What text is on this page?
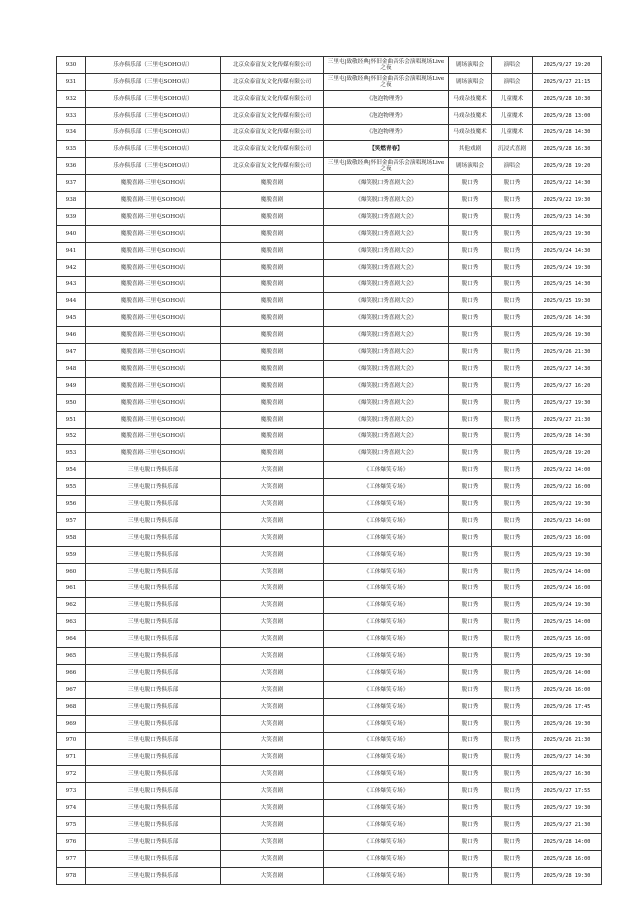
930	乐亦俱乐部（三里屯SOHO店）	北京众泰富友文化传媒有限公司	三里屯|致敬经典|怀旧金曲音乐会演唱现场Live之夜	剧场演唱会	演唱会	2025/9/27 19:20
931	乐亦俱乐部（三里屯SOHO店）	北京众泰富友文化传媒有限公司	三里屯|致敬经典|怀旧金曲音乐会演唱现场Live之夜	剧场演唱会	演唱会	2025/9/27 21:15
932	乐亦俱乐部（三里屯SOHO店）	北京众泰富友文化传媒有限公司	《泡泡物理秀》	马戏杂技魔术	儿童魔术	2025/9/28 10:30
933	乐亦俱乐部（三里屯SOHO店）	北京众泰富友文化传媒有限公司	《泡泡物理秀》	马戏杂技魔术	儿童魔术	2025/9/28 13:00
934	乐亦俱乐部（三里屯SOHO店）	北京众泰富友文化传媒有限公司	《泡泡物理秀》	马戏杂技魔术	儿童魔术	2025/9/28 14:30
935	乐亦俱乐部（三里屯SOHO店）	北京众泰富友文化传媒有限公司	【笑燃青春】	其他戏剧	沉浸式喜剧	2025/9/28 16:30
936	乐亦俱乐部（三里屯SOHO店）	北京众泰富友文化传媒有限公司	三里屯|致敬经典|怀旧金曲音乐会演唱现场Live之夜	剧场演唱会	演唱会	2025/9/28 19:20
937	魔脱喜剧-三里屯SOHO店	魔脱喜剧	《爆笑脱口秀喜剧大会》	脱口秀	脱口秀	2025/9/22 14:30
938	魔脱喜剧-三里屯SOHO店	魔脱喜剧	《爆笑脱口秀喜剧大会》	脱口秀	脱口秀	2025/9/22 19:30
939	魔脱喜剧-三里屯SOHO店	魔脱喜剧	《爆笑脱口秀喜剧大会》	脱口秀	脱口秀	2025/9/23 14:30
940	魔脱喜剧-三里屯SOHO店	魔脱喜剧	《爆笑脱口秀喜剧大会》	脱口秀	脱口秀	2025/9/23 19:30
941	魔脱喜剧-三里屯SOHO店	魔脱喜剧	《爆笑脱口秀喜剧大会》	脱口秀	脱口秀	2025/9/24 14:30
942	魔脱喜剧-三里屯SOHO店	魔脱喜剧	《爆笑脱口秀喜剧大会》	脱口秀	脱口秀	2025/9/24 19:30
943	魔脱喜剧-三里屯SOHO店	魔脱喜剧	《爆笑脱口秀喜剧大会》	脱口秀	脱口秀	2025/9/25 14:30
944	魔脱喜剧-三里屯SOHO店	魔脱喜剧	《爆笑脱口秀喜剧大会》	脱口秀	脱口秀	2025/9/25 19:30
945	魔脱喜剧-三里屯SOHO店	魔脱喜剧	《爆笑脱口秀喜剧大会》	脱口秀	脱口秀	2025/9/26 14:30
946	魔脱喜剧-三里屯SOHO店	魔脱喜剧	《爆笑脱口秀喜剧大会》	脱口秀	脱口秀	2025/9/26 19:30
947	魔脱喜剧-三里屯SOHO店	魔脱喜剧	《爆笑脱口秀喜剧大会》	脱口秀	脱口秀	2025/9/26 21:30
948	魔脱喜剧-三里屯SOHO店	魔脱喜剧	《爆笑脱口秀喜剧大会》	脱口秀	脱口秀	2025/9/27 14:30
949	魔脱喜剧-三里屯SOHO店	魔脱喜剧	《爆笑脱口秀喜剧大会》	脱口秀	脱口秀	2025/9/27 16:20
950	魔脱喜剧-三里屯SOHO店	魔脱喜剧	《爆笑脱口秀喜剧大会》	脱口秀	脱口秀	2025/9/27 19:30
951	魔脱喜剧-三里屯SOHO店	魔脱喜剧	《爆笑脱口秀喜剧大会》	脱口秀	脱口秀	2025/9/27 21:30
952	魔脱喜剧-三里屯SOHO店	魔脱喜剧	《爆笑脱口秀喜剧大会》	脱口秀	脱口秀	2025/9/28 14:30
953	魔脱喜剧-三里屯SOHO店	魔脱喜剧	《爆笑脱口秀喜剧大会》	脱口秀	脱口秀	2025/9/28 19:20
954	三里屯脱口秀俱乐部	大笑喜剧	《工体爆笑专场》	脱口秀	脱口秀	2025/9/22 14:00
955	三里屯脱口秀俱乐部	大笑喜剧	《工体爆笑专场》	脱口秀	脱口秀	2025/9/22 16:00
956	三里屯脱口秀俱乐部	大笑喜剧	《工体爆笑专场》	脱口秀	脱口秀	2025/9/22 19:30
957	三里屯脱口秀俱乐部	大笑喜剧	《工体爆笑专场》	脱口秀	脱口秀	2025/9/23 14:00
958	三里屯脱口秀俱乐部	大笑喜剧	《工体爆笑专场》	脱口秀	脱口秀	2025/9/23 16:00
959	三里屯脱口秀俱乐部	大笑喜剧	《工体爆笑专场》	脱口秀	脱口秀	2025/9/23 19:30
960	三里屯脱口秀俱乐部	大笑喜剧	《工体爆笑专场》	脱口秀	脱口秀	2025/9/24 14:00
961	三里屯脱口秀俱乐部	大笑喜剧	《工体爆笑专场》	脱口秀	脱口秀	2025/9/24 16:00
962	三里屯脱口秀俱乐部	大笑喜剧	《工体爆笑专场》	脱口秀	脱口秀	2025/9/24 19:30
963	三里屯脱口秀俱乐部	大笑喜剧	《工体爆笑专场》	脱口秀	脱口秀	2025/9/25 14:00
964	三里屯脱口秀俱乐部	大笑喜剧	《工体爆笑专场》	脱口秀	脱口秀	2025/9/25 16:00
965	三里屯脱口秀俱乐部	大笑喜剧	《工体爆笑专场》	脱口秀	脱口秀	2025/9/25 19:30
966	三里屯脱口秀俱乐部	大笑喜剧	《工体爆笑专场》	脱口秀	脱口秀	2025/9/26 14:00
967	三里屯脱口秀俱乐部	大笑喜剧	《工体爆笑专场》	脱口秀	脱口秀	2025/9/26 16:00
968	三里屯脱口秀俱乐部	大笑喜剧	《工体爆笑专场》	脱口秀	脱口秀	2025/9/26 17:45
969	三里屯脱口秀俱乐部	大笑喜剧	《工体爆笑专场》	脱口秀	脱口秀	2025/9/26 19:30
970	三里屯脱口秀俱乐部	大笑喜剧	《工体爆笑专场》	脱口秀	脱口秀	2025/9/26 21:30
971	三里屯脱口秀俱乐部	大笑喜剧	《工体爆笑专场》	脱口秀	脱口秀	2025/9/27 14:30
972	三里屯脱口秀俱乐部	大笑喜剧	《工体爆笑专场》	脱口秀	脱口秀	2025/9/27 16:30
973	三里屯脱口秀俱乐部	大笑喜剧	《工体爆笑专场》	脱口秀	脱口秀	2025/9/27 17:55
974	三里屯脱口秀俱乐部	大笑喜剧	《工体爆笑专场》	脱口秀	脱口秀	2025/9/27 19:30
975	三里屯脱口秀俱乐部	大笑喜剧	《工体爆笑专场》	脱口秀	脱口秀	2025/9/27 21:30
976	三里屯脱口秀俱乐部	大笑喜剧	《工体爆笑专场》	脱口秀	脱口秀	2025/9/28 14:00
977	三里屯脱口秀俱乐部	大笑喜剧	《工体爆笑专场》	脱口秀	脱口秀	2025/9/28 16:00
978	三里屯脱口秀俱乐部	大笑喜剧	《工体爆笑专场》	脱口秀	脱口秀	2025/9/28 19:30
